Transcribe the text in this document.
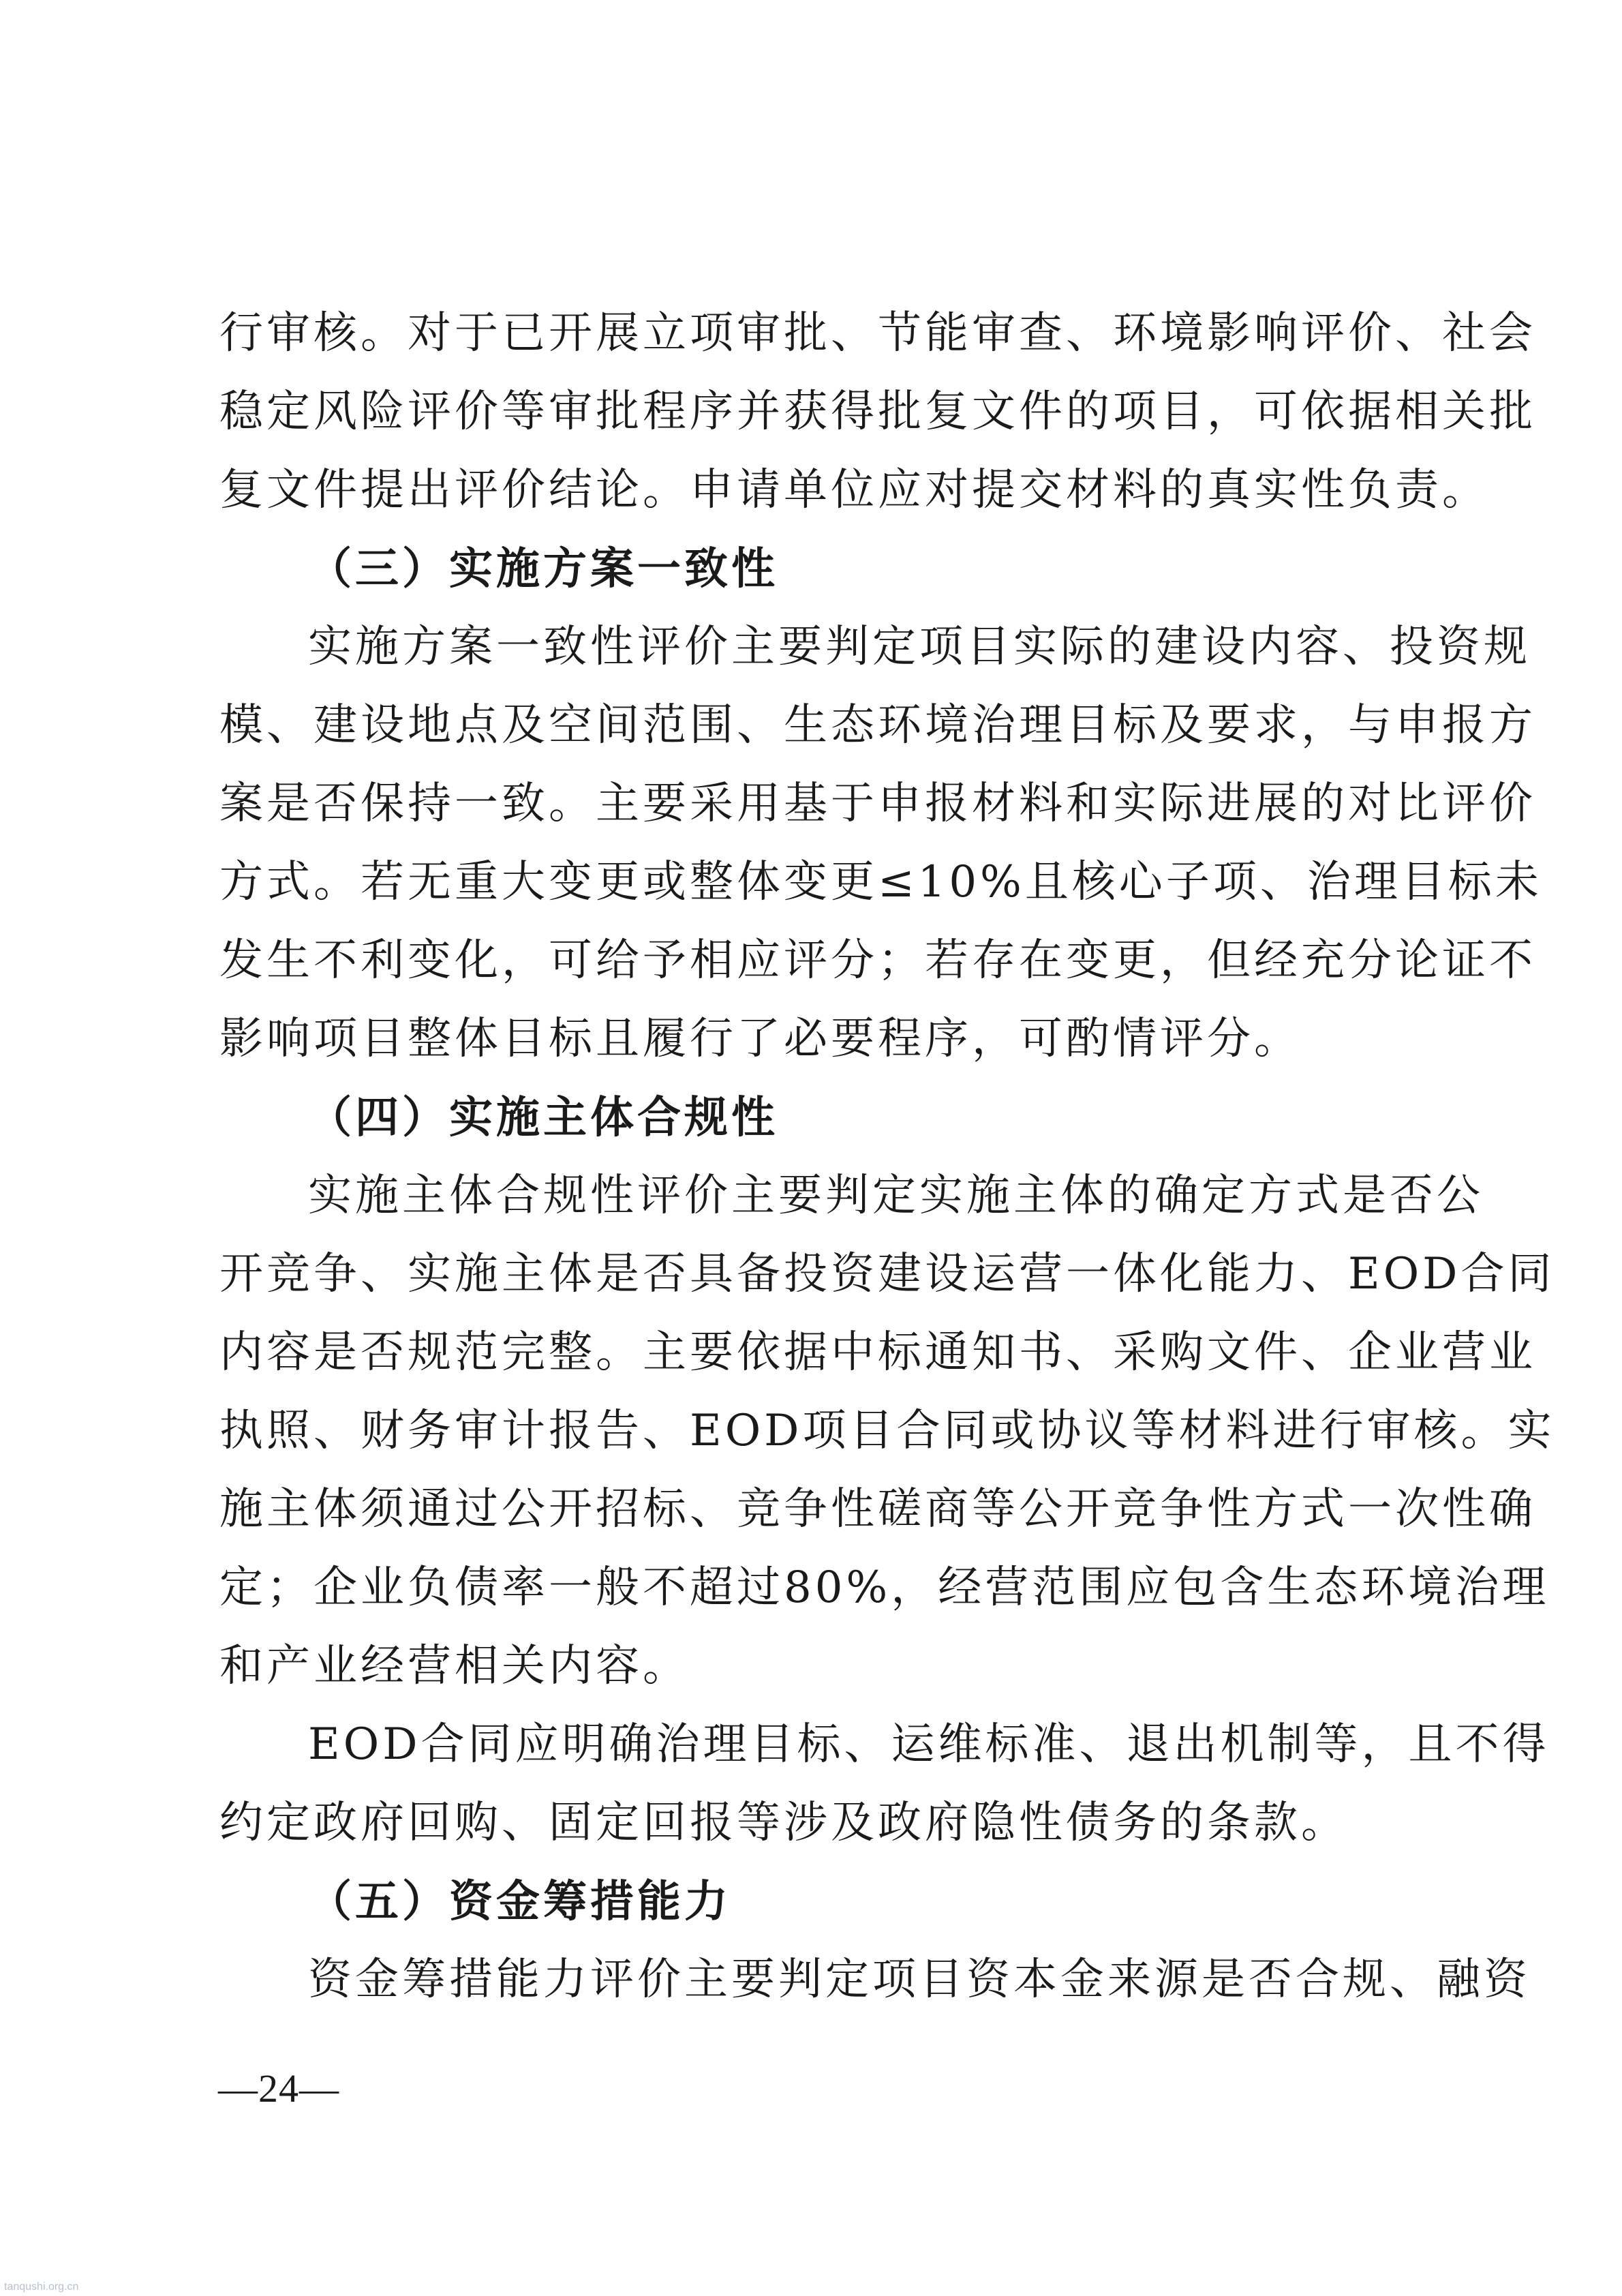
行审核。对于已开展立项审批、节能审查、环境影响评价、社会
稳定风险评价等审批程序并获得批复文件的项目，可依据相关批
复文件提出评价结论。申请单位应对提交材料的真实性负责。
（三）实施方案一致性
实施方案一致性评价主要判定项目实际的建设内容、投资规
模、建设地点及空间范围、生态环境治理目标及要求，与申报方
案是否保持一致。主要采用基于申报材料和实际进展的对比评价
方式。若无重大变更或整体变更≤10%且核心子项、治理目标未
发生不利变化，可给予相应评分；若存在变更，但经充分论证不
影响项目整体目标且履行了必要程序，可酌情评分。
（四）实施主体合规性
实施主体合规性评价主要判定实施主体的确定方式是否公
开竞争、实施主体是否具备投资建设运营一体化能力、EOD合同
内容是否规范完整。主要依据中标通知书、采购文件、企业营业
执照、财务审计报告、EOD项目合同或协议等材料进行审核。实
施主体须通过公开招标、竞争性磋商等公开竞争性方式一次性确
定；企业负债率一般不超过80%，经营范围应包含生态环境治理
和产业经营相关内容。
EOD合同应明确治理目标、运维标准、退出机制等，且不得
约定政府回购、固定回报等涉及政府隐性债务的条款。
（五）资金筹措能力
资金筹措能力评价主要判定项目资本金来源是否合规、融资
—24—
tanqushi.org.cn
